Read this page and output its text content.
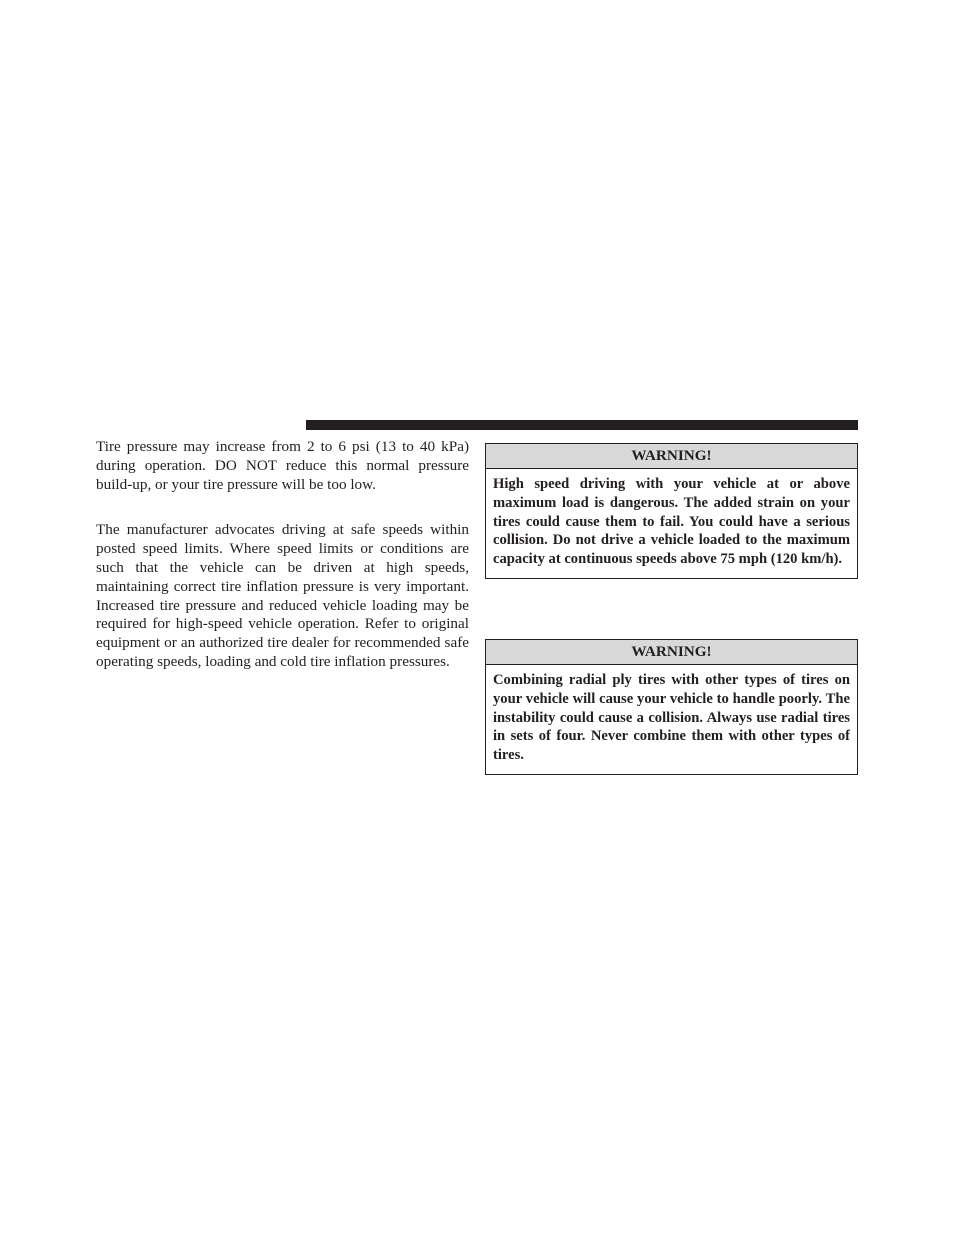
Tire pressure may increase from 2 to 6 psi (13 to 40 kPa) during operation. DO NOT reduce this normal pressure build-up, or your tire pressure will be too low.

The manufacturer advocates driving at safe speeds within posted speed limits. Where speed limits or conditions are such that the vehicle can be driven at high speeds, maintaining correct tire inflation pressure is very important. Increased tire pressure and reduced vehicle loading may be required for high-speed vehicle operation. Refer to original equipment or an authorized tire dealer for recommended safe operating speeds, loading and cold tire inflation pressures.

WARNING!
High speed driving with your vehicle at or above maximum load is dangerous. The added strain on your tires could cause them to fail. You could have a serious collision. Do not drive a vehicle loaded to the maximum capacity at continuous speeds above 75 mph (120 km/h).
WARNING!
Combining radial ply tires with other types of tires on your vehicle will cause your vehicle to handle poorly. The instability could cause a collision. Always use radial tires in sets of four. Never combine them with other types of tires.
